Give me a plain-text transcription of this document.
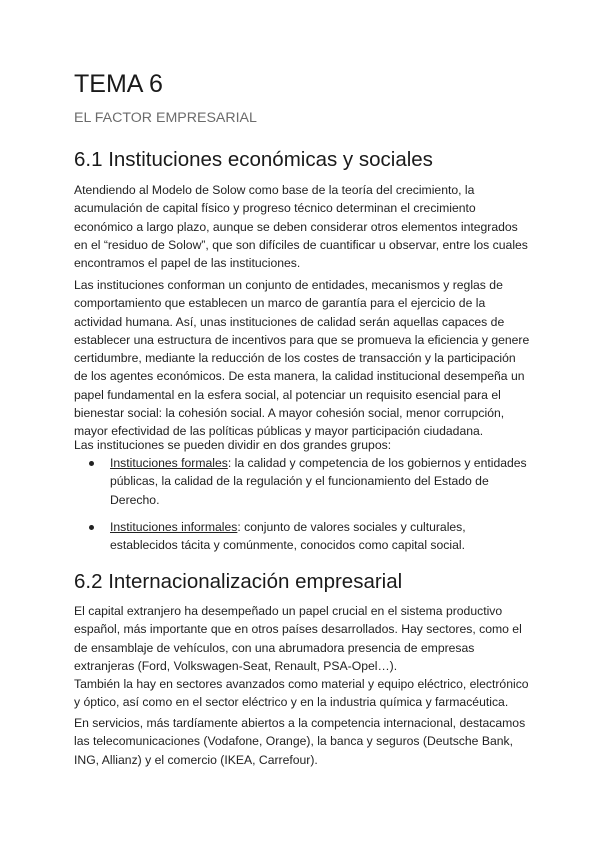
TEMA 6

EL FACTOR EMPRESARIAL

6.1 Instituciones económicas y sociales

Atendiendo al Modelo de Solow como base de la teoría del crecimiento, la
acumulación de capital físico y progreso técnico determinan el crecimiento
económico a largo plazo, aunque se deben considerar otros elementos integrados
en el “residuo de Solow”, que son difíciles de cuantificar u observar, entre los cuales
encontramos el papel de las instituciones.

Las instituciones conforman un conjunto de entidades, mecanismos y reglas de
comportamiento que establecen un marco de garantía para el ejercicio de la
actividad humana. Así, unas instituciones de calidad serán aquellas capaces de
establecer una estructura de incentivos para que se promueva la eficiencia y genere
certidumbre, mediante la reducción de los costes de transacción y la participación
de los agentes económicos. De esta manera, la calidad institucional desempeña un
papel fundamental en la esfera social, al potenciar un requisito esencial para el
bienestar social: la cohesión social. A mayor cohesión social, menor corrupción,
mayor efectividad de las políticas públicas y mayor participación ciudadana.

Las instituciones se pueden dividir en dos grandes grupos:

Instituciones formales: la calidad y competencia de los gobiernos y entidades
públicas, la calidad de la regulación y el funcionamiento del Estado de
Derecho.
Instituciones informales: conjunto de valores sociales y culturales,
establecidos tácita y comúnmente, conocidos como capital social.
6.2 Internacionalización empresarial

El capital extranjero ha desempeñado un papel crucial en el sistema productivo
español, más importante que en otros países desarrollados. Hay sectores, como el
de ensamblaje de vehículos, con una abrumadora presencia de empresas
extranjeras (Ford, Volkswagen-Seat, Renault, PSA-Opel…).
También la hay en sectores avanzados como material y equipo eléctrico, electrónico
y óptico, así como en el sector eléctrico y en la industria química y farmacéutica.

En servicios, más tardíamente abiertos a la competencia internacional, destacamos
las telecomunicaciones (Vodafone, Orange), la banca y seguros (Deutsche Bank,
ING, Allianz) y el comercio (IKEA, Carrefour).
